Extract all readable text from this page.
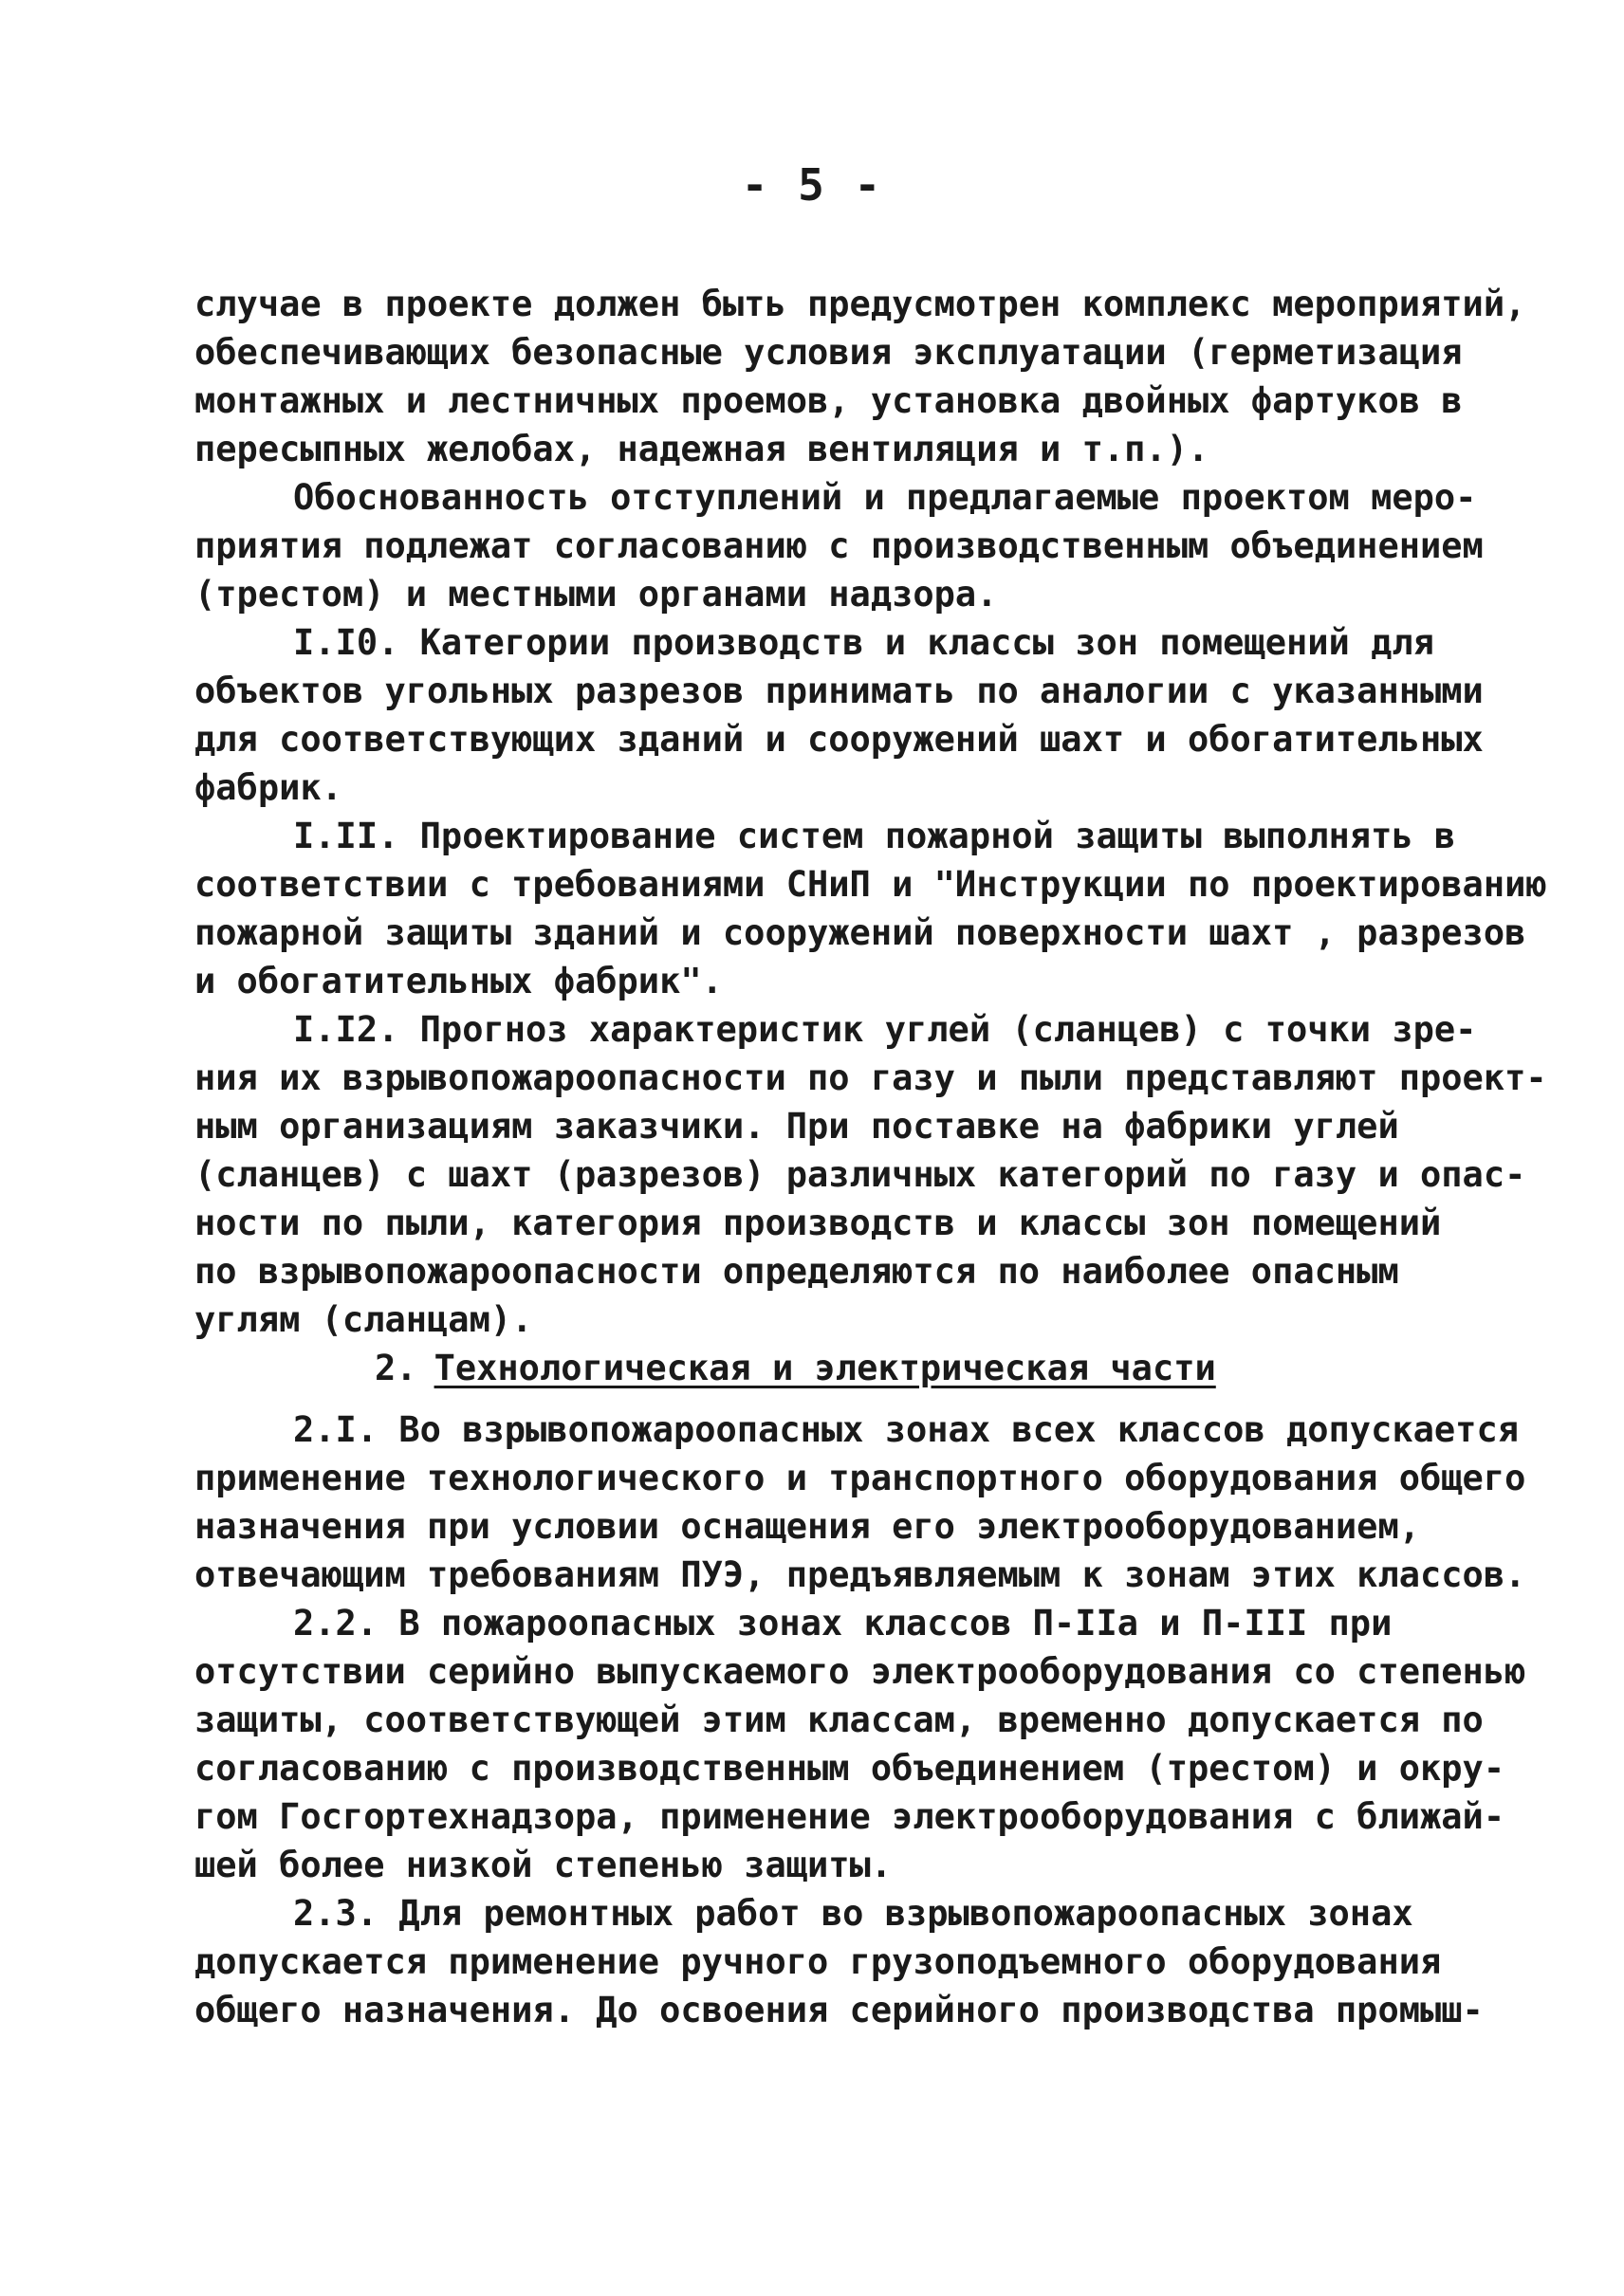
- 5 -
случае в проекте должен быть предусмотрен комплекс мероприятий,
обеспечивающих безопасные условия эксплуатации (герметизация
монтажных и лестничных проемов, установка двойных фартуков в
пересыпных желобах, надежная вентиляция и т.п.).
Обоснованность отступлений и предлагаемые проектом меро-
приятия подлежат согласованию с производственным объединением
(трестом) и местными органами надзора.
I.I0. Категории производств и классы зон помещений для
объектов угольных разрезов принимать по аналогии с указанными
для соответствующих зданий и сооружений шахт и обогатительных
фабрик.
I.II. Проектирование систем пожарной защиты выполнять в
соответствии с требованиями СНиП и "Инструкции по проектированию
пожарной защиты зданий и сооружений поверхности шахт , разрезов
и обогатительных фабрик".
I.I2. Прогноз характеристик углей (сланцев) с точки зре-
ния их взрывопожароопасности по газу и пыли представляют проект-
ным организациям заказчики. При поставке на фабрики углей
(сланцев) с шахт (разрезов) различных категорий по газу и опас-
ности по пыли, категория производств и классы зон помещений
по взрывопожароопасности определяются по наиболее опасным
углям (сланцам).
2. Технологическая и электрическая части
2.I. Во взрывопожароопасных зонах всех классов допускается
применение технологического и транспортного оборудования общего
назначения при условии оснащения его электрооборудованием,
отвечающим требованиям ПУЭ, предъявляемым к зонам этих классов.
2.2. В пожароопасных зонах классов П-IIа и П-III при
отсутствии серийно выпускаемого электрооборудования со степенью
защиты, соответствующей этим классам, временно допускается по
согласованию с производственным объединением (трестом) и окру-
гом Госгортехнадзора, применение электрооборудования с ближай-
шей более низкой степенью защиты.
2.3. Для ремонтных работ во взрывопожароопасных зонах
допускается применение ручного грузоподъемного оборудования
общего назначения. До освоения серийного производства промыш-
